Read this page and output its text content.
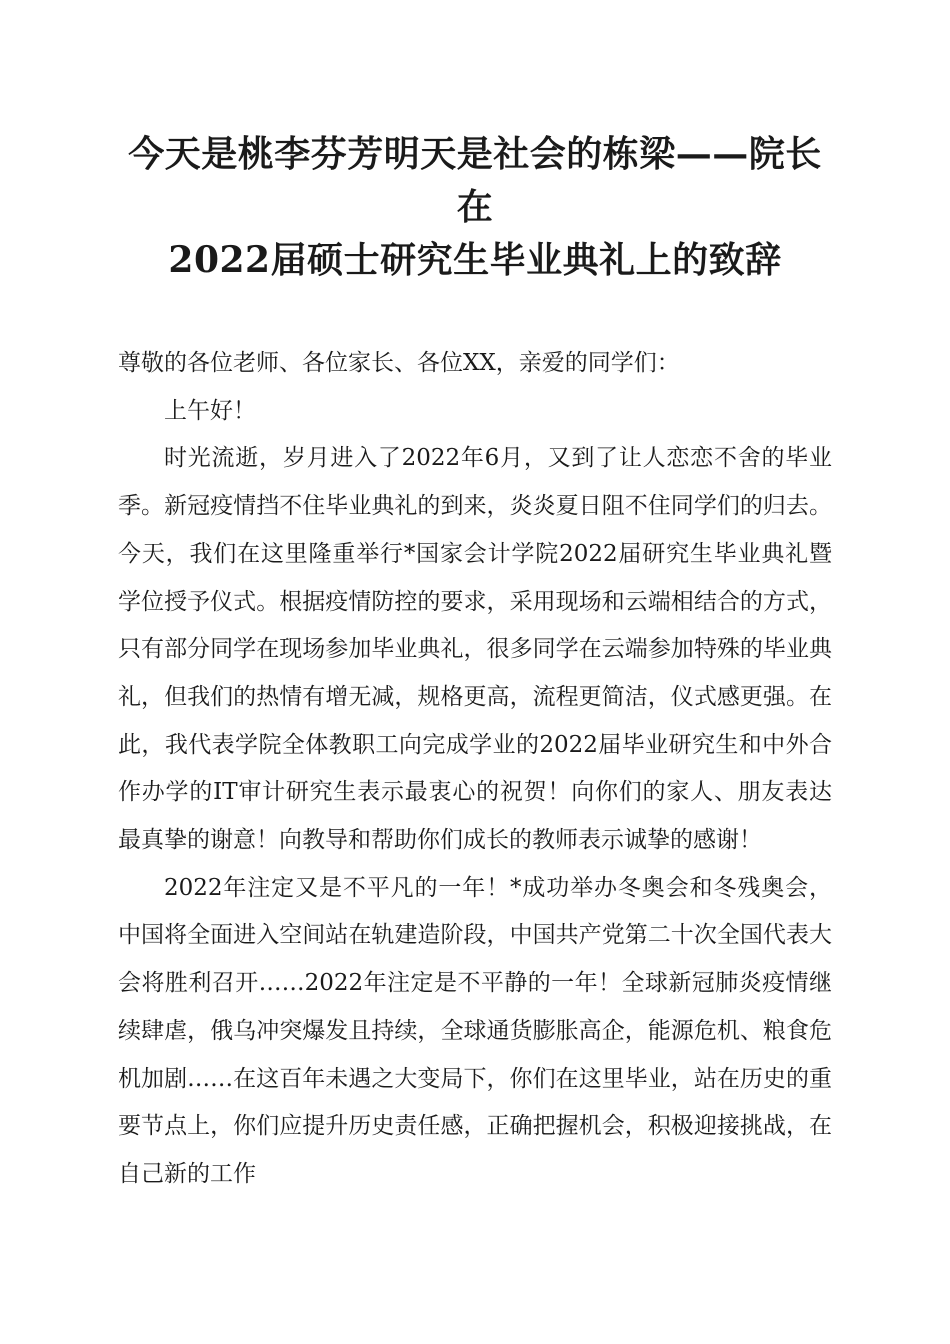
今天是桃李芬芳明天是社会的栋梁——院长在
2022届硕士研究生毕业典礼上的致辞

尊敬的各位老师、各位家长、各位XX，亲爱的同学们：

上午好！

时光流逝，岁月进入了2022年6月，又到了让人恋恋不舍的毕业季。新冠疫情挡不住毕业典礼的到来，炎炎夏日阻不住同学们的归去。今天，我们在这里隆重举行*国家会计学院2022届研究生毕业典礼暨学位授予仪式。根据疫情防控的要求，采用现场和云端相结合的方式，只有部分同学在现场参加毕业典礼，很多同学在云端参加特殊的毕业典礼，但我们的热情有增无减，规格更高，流程更简洁，仪式感更强。在此，我代表学院全体教职工向完成学业的2022届毕业研究生和中外合作办学的IT审计研究生表示最衷心的祝贺！向你们的家人、朋友表达最真挚的谢意！向教导和帮助你们成长的教师表示诚挚的感谢！

2022年注定又是不平凡的一年！*成功举办冬奥会和冬残奥会，中国将全面进入空间站在轨建造阶段，中国共产党第二十次全国代表大会将胜利召开……2022年注定是不平静的一年！全球新冠肺炎疫情继续肆虐，俄乌冲突爆发且持续，全球通货膨胀高企，能源危机、粮食危机加剧……在这百年未遇之大变局下，你们在这里毕业，站在历史的重要节点上，你们应提升历史责任感，正确把握机会，积极迎接挑战，在自己新的工作
